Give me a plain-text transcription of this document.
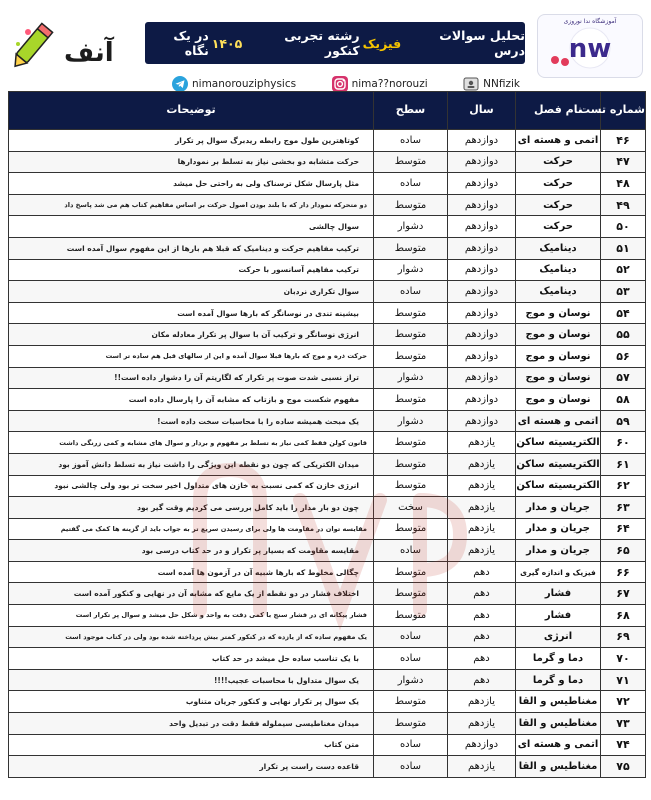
آنف
تحلیل سوالات درس
فیزیک
رشته تجربی کنکور
۱۴۰۵
در یک نگاه
آموزشگاه ندا نوروزی
nw
nimanorouziphysics	nima??norouzi	NNfizik
شماره تست	نام فصل	سال	سطح	توضیحات
۴۶	اتمی و هسته ای	دوازدهم	ساده	کوتاهترین طول موج رابطه ریدبرگ سوال پر تکرار
۴۷	حرکت	دوازدهم	متوسط	حرکت متشابه دو بخشی نیاز به تسلط بر نمودارها
۴۸	حرکت	دوازدهم	ساده	مثل پارسال شکل ترسناک ولی به راحتی حل میشد
۴۹	حرکت	دوازدهم	متوسط	دو متحرکه نمودار دار که با بلند بودن اصول حرکت بر اساس مفاهیم کتاب هم می شد پاسخ داد
۵۰	حرکت	دوازدهم	دشوار	سوال چالشی
۵۱	دینامیک	دوازدهم	متوسط	ترکیب مفاهیم حرکت و دینامیک که قبلا هم بارها از این مفهوم سوال آمده است
۵۲	دینامیک	دوازدهم	دشوار	ترکیب مفاهیم آسانسور با حرکت
۵۳	دینامیک	دوازدهم	ساده	سوال تکراری نردبان
۵۴	نوسان و موج	دوازدهم	متوسط	بیشینه تندی در نوسانگر که بارها سوال آمده است
۵۵	نوسان و موج	دوازدهم	متوسط	انرژی نوسانگر و ترکیب آن با سوال پر تکرار معادله مکان
۵۶	نوسان و موج	دوازدهم	متوسط	حرکت ذره و موج که بارها قبلا سوال آمده و این از سالهای قبل هم ساده تر است
۵۷	نوسان و موج	دوازدهم	دشوار	تراز نسبی شدت صوت پر تکرار که لگاریتم آن را دشوار داده است!!
۵۸	نوسان و موج	دوازدهم	متوسط	مفهوم شکست موج و بازتاب که مشابه آن را پارسال داده است
۵۹	اتمی و هسته ای	دوازدهم	دشوار	یک مبحث همیشه ساده را با محاسبات سخت داده است!
۶۰	الکتریسیته ساکن	یازدهم	متوسط	قانون کولن فقط کمی نیاز به تسلط بر مفهوم و بردار و سوال های مشابه و کمی زرنگی داشت
۶۱	الکتریسیته ساکن	یازدهم	متوسط	میدان الکتریکی که چون دو نقطه این ویژگی را داشت نیاز به تسلط دانش آموز بود
۶۲	الکتریسیته ساکن	یازدهم	متوسط	انرژی خازن که کمی نسبت به خازن های متداول اخیر سخت تر بود ولی چالشی نبود
۶۳	جریان و مدار	یازدهم	سخت	چون دو بار مدار را باید کامل بررسی می کردیم وقت گیر بود
۶۴	جریان و مدار	یازدهم	متوسط	مقایسه توان در مقاومت ها ولی برای رسیدن سریع تر به جواب باید از گزینه ها کمک می گفتیم
۶۵	جریان و مدار	یازدهم	ساده	مقایسه مقاومت که بسیار پر تکرار و در حد کتاب درسی بود
۶۶	فیزیک و اندازه گیری	دهم	متوسط	چگالی مخلوط که بارها شبیه آن در آزمون ها آمده است
۶۷	فشار	دهم	متوسط	اختلاف فشار در دو نقطه از یک مایع که مشابه آن در نهایی و کنکور آمده است
۶۸	فشار	دهم	متوسط	فشار پیکانه ای در فشار سنج با کمی دقت به واحد و شکل حل میشد و سوال پر تکرار است
۶۹	انرژی	دهم	ساده	یک مفهوم ساده که از یازده که در کنکور کمتر بیش پرداخته شده بود ولی در کتاب موجود است
۷۰	دما و گرما	دهم	ساده	با یک تناسب ساده حل میشد در حد کتاب
۷۱	دما و گرما	دهم	دشوار	یک سوال متداول با محاسبات عجیب!!!!
۷۲	مغناطیس و القا	یازدهم	متوسط	یک سوال پر تکرار نهایی و کنکور جریان متناوب
۷۳	مغناطیس و القا	یازدهم	متوسط	میدان مغناطیسی سیملوله فقط دقت در تبدیل واحد
۷۴	اتمی و هسته ای	دوازدهم	ساده	متن کتاب
۷۵	مغناطیس و القا	یازدهم	ساده	قاعده دست راست پر تکرار
